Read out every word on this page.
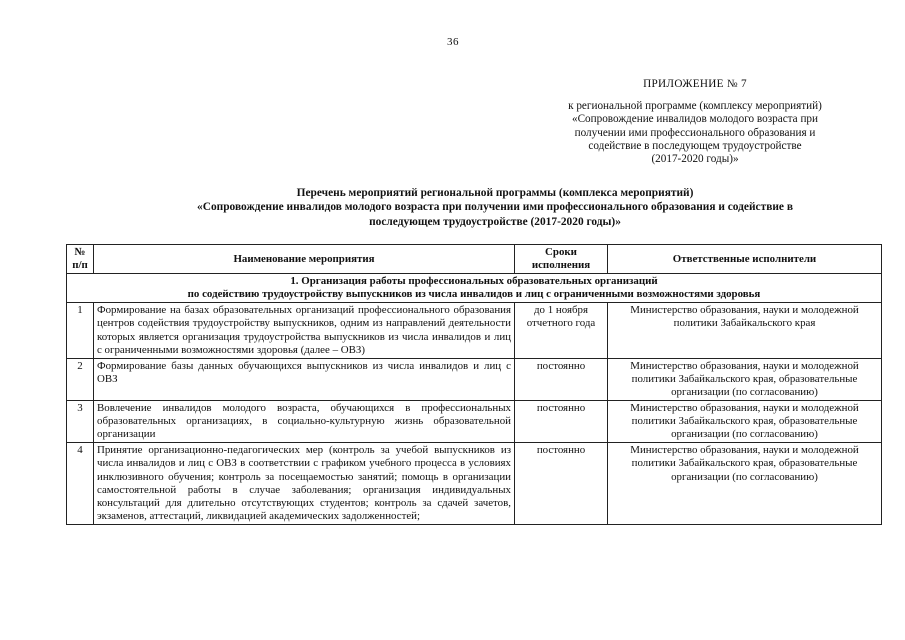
36
ПРИЛОЖЕНИЕ № 7
к региональной программе (комплексу мероприятий)
«Сопровождение инвалидов молодого возраста при
получении ими профессионального образования и
содействие в последующем трудоустройстве
(2017-2020 годы)»
Перечень мероприятий региональной программы (комплекса мероприятий)
«Сопровождение инвалидов молодого возраста при получении ими профессионального образования и содействие в
последующем трудоустройстве (2017-2020 годы)»
№ п/п	Наименование мероприятия	Сроки исполнения	Ответственные исполнители

1. Организация работы профессиональных образовательных организаций
по содействию трудоустройству выпускников из числа инвалидов и лиц с ограниченными возможностями здоровья			

1	Формирование на базах образовательных организаций профессионального образования центров содействия трудоустройству выпускников, одним из направлений деятельности которых является организация трудоустройства выпускников из числа инвалидов и лиц с ограниченными возможностями здоровья (далее – ОВЗ)	до 1 ноября отчетного года	Министерство образования, науки и молодежной политики Забайкальского края
2	Формирование базы данных обучающихся выпускников из числа инвалидов и лиц с ОВЗ	постоянно	Министерство образования, науки и молодежной политики Забайкальского края, образовательные организации (по согласованию)
3	Вовлечение инвалидов молодого возраста, обучающихся в профессиональных образовательных организациях, в социально-культурную жизнь образовательной организации	постоянно	Министерство образования, науки и молодежной политики Забайкальского края, образовательные организации (по согласованию)
4	Принятие организационно-педагогических мер (контроль за учебой выпускников из числа инвалидов и лиц с ОВЗ в соответствии с графиком учебного процесса в условиях инклюзивного обучения; контроль за посещаемостью занятий; помощь в организации самостоятельной работы в случае заболевания; организация индивидуальных консультаций для длительно отсутствующих студентов; контроль за сдачей зачетов, экзаменов, аттестаций, ликвидацией академических задолженностей;	постоянно	Министерство образования, науки и молодежной политики Забайкальского края, образовательные организации (по согласованию)
